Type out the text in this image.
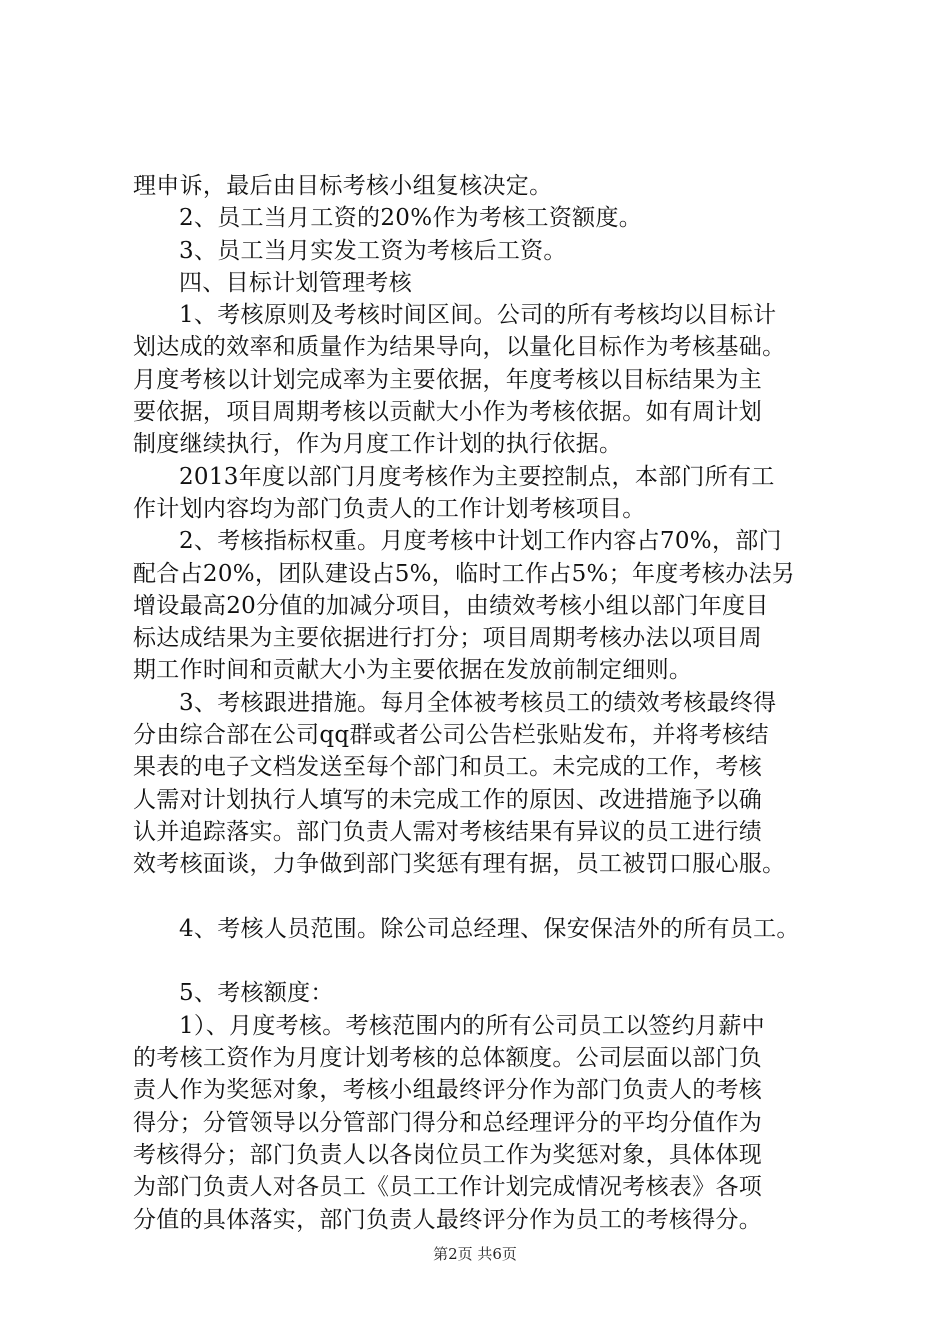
理申诉，最后由目标考核小组复核决定。
2、员工当月工资的20%作为考核工资额度。
3、员工当月实发工资为考核后工资。
四、目标计划管理考核
1、考核原则及考核时间区间。公司的所有考核均以目标计
划达成的效率和质量作为结果导向，以量化目标作为考核基础。
月度考核以计划完成率为主要依据，年度考核以目标结果为主
要依据，项目周期考核以贡献大小作为考核依据。如有周计划
制度继续执行，作为月度工作计划的执行依据。
2013年度以部门月度考核作为主要控制点，本部门所有工
作计划内容均为部门负责人的工作计划考核项目。
2、考核指标权重。月度考核中计划工作内容占70%，部门
配合占20%，团队建设占5%，临时工作占5%；年度考核办法另
增设最高20分值的加减分项目，由绩效考核小组以部门年度目
标达成结果为主要依据进行打分；项目周期考核办法以项目周
期工作时间和贡献大小为主要依据在发放前制定细则。
3、考核跟进措施。每月全体被考核员工的绩效考核最终得
分由综合部在公司qq群或者公司公告栏张贴发布，并将考核结
果表的电子文档发送至每个部门和员工。未完成的工作，考核
人需对计划执行人填写的未完成工作的原因、改进措施予以确
认并追踪落实。部门负责人需对考核结果有异议的员工进行绩
效考核面谈，力争做到部门奖惩有理有据，员工被罚口服心服。
4、考核人员范围。除公司总经理、保安保洁外的所有员工。
5、考核额度：
1）、月度考核。考核范围内的所有公司员工以签约月薪中
的考核工资作为月度计划考核的总体额度。公司层面以部门负
责人作为奖惩对象，考核小组最终评分作为部门负责人的考核
得分；分管领导以分管部门得分和总经理评分的平均分值作为
考核得分；部门负责人以各岗位员工作为奖惩对象，具体体现
为部门负责人对各员工《员工工作计划完成情况考核表》各项
分值的具体落实，部门负责人最终评分作为员工的考核得分。
第2页 共6页
